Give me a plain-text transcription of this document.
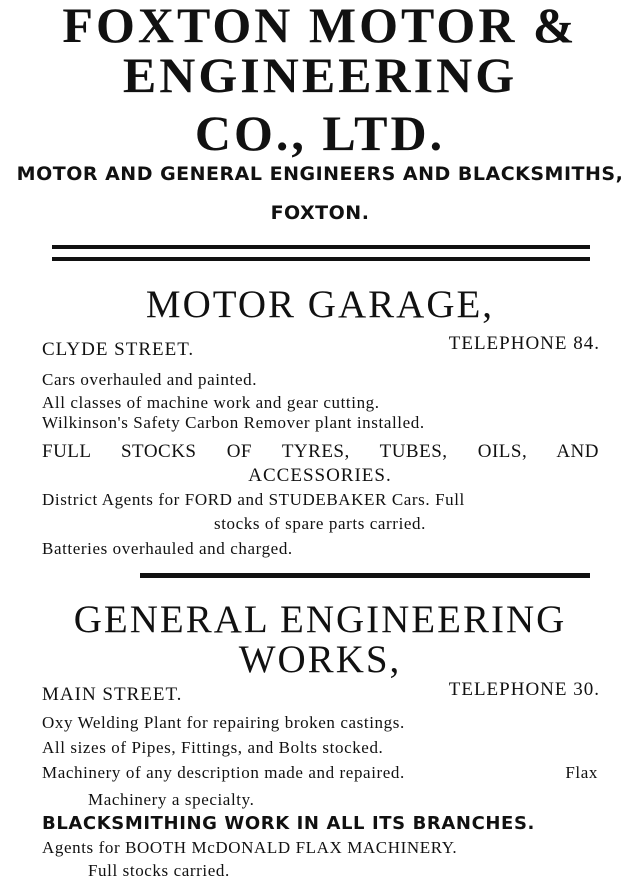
FOXTON MOTOR &
ENGINEERING
CO., LTD.
MOTOR AND GENERAL ENGINEERS AND BLACKSMITHS,
FOXTON.
MOTOR GARAGE,
CLYDE STREET.	TELEPHONE 84.
Cars overhauled and painted.
All classes of machine work and gear cutting.
Wilkinson's Safety Carbon Remover plant installed.
FULL STOCKS OF TYRES, TUBES, OILS, AND
ACCESSORIES.
District Agents for FORD and STUDEBAKER Cars. Full
stocks of spare parts carried.
Batteries overhauled and charged.
GENERAL ENGINEERING
WORKS,
MAIN STREET.	TELEPHONE 30.
Oxy Welding Plant for repairing broken castings.
All sizes of Pipes, Fittings, and Bolts stocked.
Machinery of any description made and repaired.	Flax
Machinery a specialty.
BLACKSMITHING WORK IN ALL ITS BRANCHES.
Agents for BOOTH McDONALD FLAX MACHINERY.
Full stocks carried.
